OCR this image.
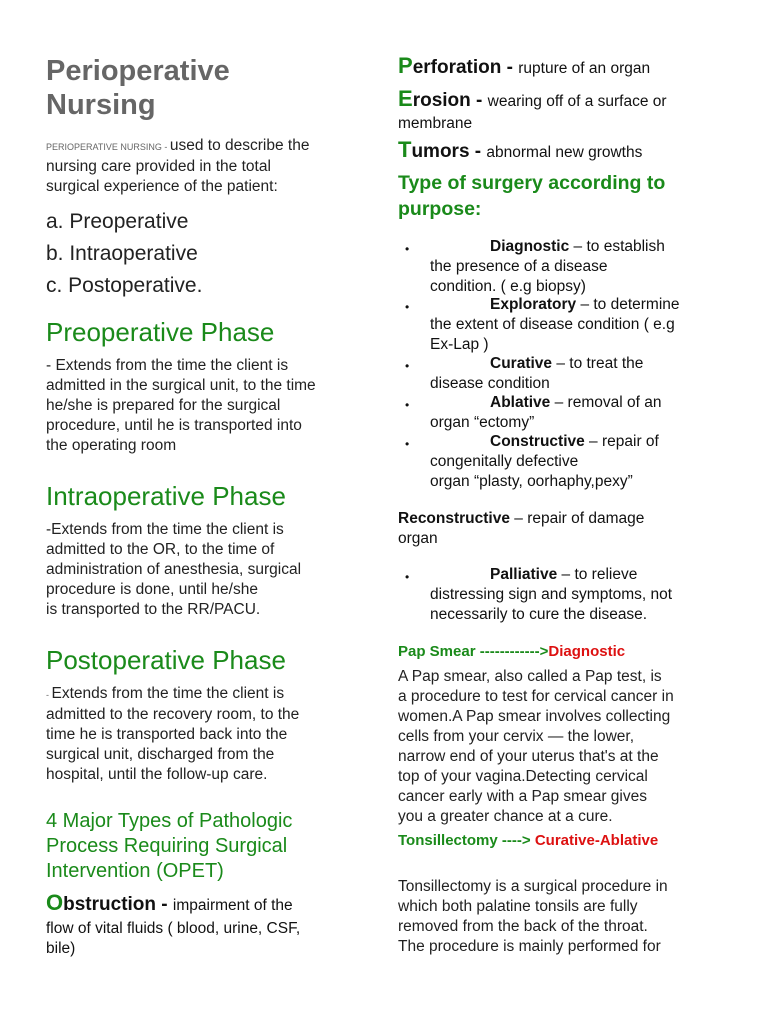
Perioperative
Nursing
PERIOPERATIVE NURSING - used to describe the
nursing care provided in the total
surgical experience of the patient:
a. Preoperative
b. Intraoperative
c. Postoperative.
Preoperative Phase
- Extends from the time the client is
admitted in the surgical unit, to the time
he/she is prepared for the surgical
procedure, until he is transported into
the operating room
Intraoperative Phase
-Extends from the time the client is
admitted to the OR, to the time of
administration of anesthesia, surgical
procedure is done, until he/she
is transported to the RR/PACU.
Postoperative Phase
- Extends from the time the client is
admitted to the recovery room, to the
time he is transported back into the
surgical unit, discharged from the
hospital, until the follow-up care.
4 Major Types of Pathologic
Process Requiring Surgical
Intervention (OPET)
Obstruction - impairment of the
flow of vital fluids ( blood, urine, CSF,
bile)
Perforation - rupture of an organ
Erosion - wearing off of a surface or
membrane
Tumors - abnormal new growths
Type of surgery according to
purpose:
• Diagnostic – to establish
the presence of a disease
condition. ( e.g biopsy)
• Exploratory – to determine
the extent of disease condition ( e.g
Ex-Lap )
• Curative – to treat the
disease condition
• Ablative – removal of an
organ “ectomy”
• Constructive – repair of
congenitally defective
organ “plasty, oorhaphy,pexy”
Reconstructive – repair of damage
organ
• Palliative – to relieve
distressing sign and symptoms, not
necessarily to cure the disease.
Pap Smear ------------>Diagnostic
A Pap smear, also called a Pap test, is
a procedure to test for cervical cancer in
women.A Pap smear involves collecting
cells from your cervix — the lower,
narrow end of your uterus that's at the
top of your vagina.Detecting cervical
cancer early with a Pap smear gives
you a greater chance at a cure.
Tonsillectomy ----> Curative-Ablative
Tonsillectomy is a surgical procedure in
which both palatine tonsils are fully
removed from the back of the throat.
The procedure is mainly performed for
